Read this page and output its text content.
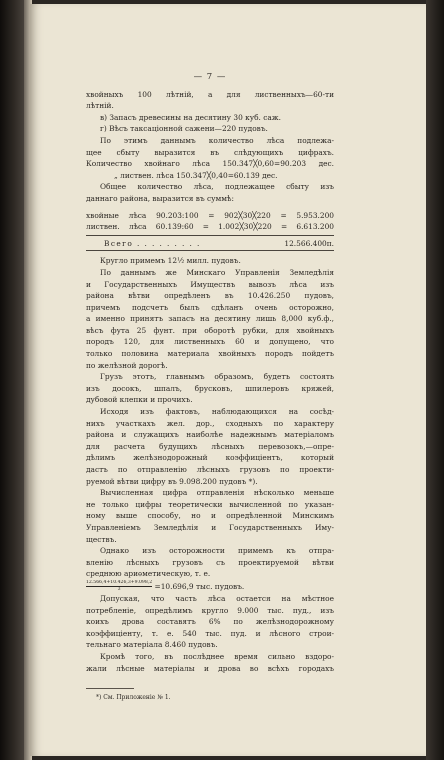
— 7 —
хвойныхъ 100 лѣтній, а для лиственныхъ—60-ти
лѣтній.
в) Запасъ древесины на десятину 30 куб. саж.
г) Вѣсъ таксаціонной сажени—220 пудовъ.
По этимъ даннымъ количество лѣса подлежа-
щее сбыту выразится въ слѣдующихъ цифрахъ.
Количество хвойнаго лѣса 150.347╳0,60=90.203 дес.
„ листвен. лѣса 150.347╳0,40=60.139 дес.
Общее количество лѣса, подлежащее сбыту изъ
даннаго района, выразится въ суммѣ:
хвойные лѣса 90.203:100 = 902╳30╳220 = 5.953.200
листвен. лѣса 60.139:60 = 1.002╳30╳220 = 6.613.200
Всего . . . . . . . . .	12.566.400п.
Кругло примемъ 12½ милл. пудовъ.
По даннымъ же Минскаго Управленія Земледѣлія
и Государственныхъ Имуществъ вывозъ лѣса изъ
района вѣтви опредѣленъ въ 10.426.250 пудовъ,
причемъ подсчетъ былъ сдѣланъ очень осторожно,
а именно принятъ запасъ на десятину лишь 8,000 куб.ф.,
вѣсъ фута 25 фунт. при оборотѣ рубки, для хвойныхъ
породъ 120, для лиственныхъ 60 и допущено, что
только половина материала хвойныхъ породъ пойдетъ
по желѣзной дорогѣ.
Грузъ этотъ, главнымъ образомъ, будетъ состоять
изъ досокъ, шпалъ, брусковъ, шпилеровъ кряжей,
дубовой клепки и прочихъ.
Исходя изъ фактовъ, наблюдающихся на сосѣд-
нихъ участкахъ жел. дор., сходныхъ по характеру
района и служащихъ наиболѣе надежнымъ матеріаломъ
для расчета будущихъ лѣсныхъ перевозокъ,—опре-
дѣлимъ желѣзнодорожный коэффиціентъ, который
дастъ по отправленію лѣсныхъ грузовъ по проекти-
руемой вѣтви цифру въ 9.098.200 пудовъ *).
Вычисленная цифра отправленія нѣсколько меньше
не только цифры теоретически вычисленной по указан-
ному выше способу, но и опредѣленной Минскимъ
Управленіемъ Земледѣлія и Государственныхъ Иму-
ществъ.
Однако изъ осторожности примемъ къ отпра-
вленію лѣсныхъ грузовъ съ проектируемой вѣтви
среднюю ариѳметическую, т. е.
$\frac{12.566,4+10.426,3+9.098,2}{3} =10.696,9$ тыс. пудовъ.
Допуская, что часть лѣса остается на мѣстное
потребленіе, опредѣлимъ кругло 9.000 тыс. пуд., изъ
коихъ дрова составятъ 6% по желѣзнодорожному
коэффиціенту, т. е. 540 тыс. пуд. и лѣсного строи-
тельнаго матеріала 8.460 пудовъ.
Кромѣ того, въ послѣднее время сильно вздоро-
жали лѣсные матеріалы и дрова во всѣхъ городахъ
*) См. Приложеніе № 1.
